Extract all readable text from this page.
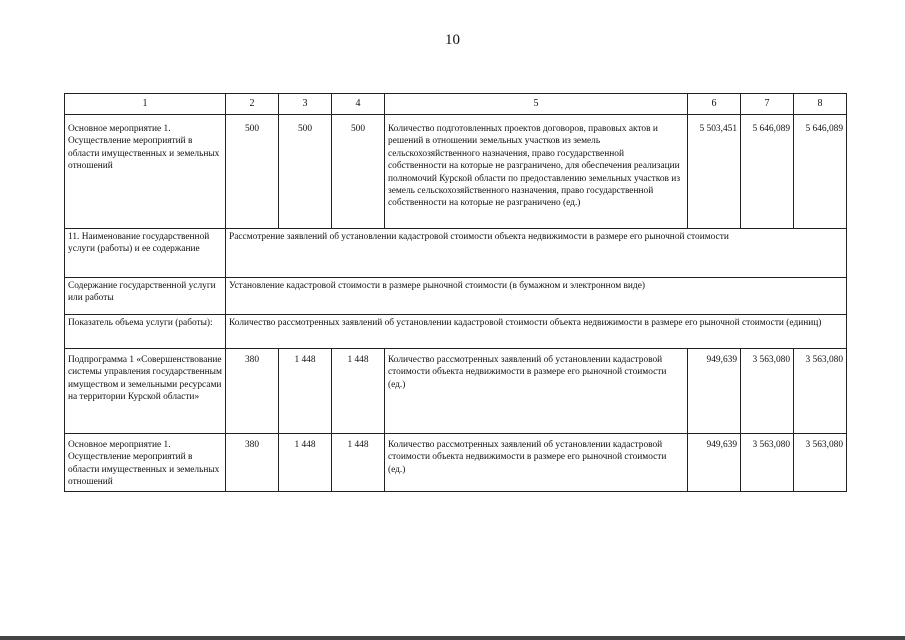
10
1	2	3	4	5	6	7	8
Основное мероприятие 1. Осуществление мероприятий в области имущественных и земельных отношений	500	500	500	Количество подготовленных проектов договоров, правовых актов и решений в отношении земельных участков из земель сельскохозяйственного назначения, право государственной собственности на которые не разграничено, для обеспечения реализации полномочий Курской области по предоставлению земельных участков из земель сельскохозяйственного назначения, право государственной собственности на которые не разграничено (ед.)	5 503,451	5 646,089	5 646,089
11. Наименование государственной услуги (работы) и ее содержание	Рассмотрение заявлений об установлении кадастровой стоимости объекта недвижимости в размере его рыночной стоимости						
Содержание государственной услуги или работы	Установление кадастровой стоимости в размере рыночной стоимости (в бумажном и электронном виде)						
Показатель объема услуги (работы):	Количество рассмотренных заявлений об установлении кадастровой стоимости объекта недвижимости в размере его рыночной стоимости (единиц)						
Подпрограмма 1 «Совершенствование системы управления государственным имуществом и земельными ресурсами на территории Курской области»	380	1 448	1 448	Количество рассмотренных заявлений об установлении кадастровой стоимости объекта недвижимости в размере его рыночной стоимости (ед.)	949,639	3 563,080	3 563,080
Основное мероприятие 1. Осуществление мероприятий в области имущественных и земельных отношений	380	1 448	1 448	Количество рассмотренных заявлений об установлении кадастровой стоимости объекта недвижимости в размере его рыночной стоимости (ед.)	949,639	3 563,080	3 563,080
